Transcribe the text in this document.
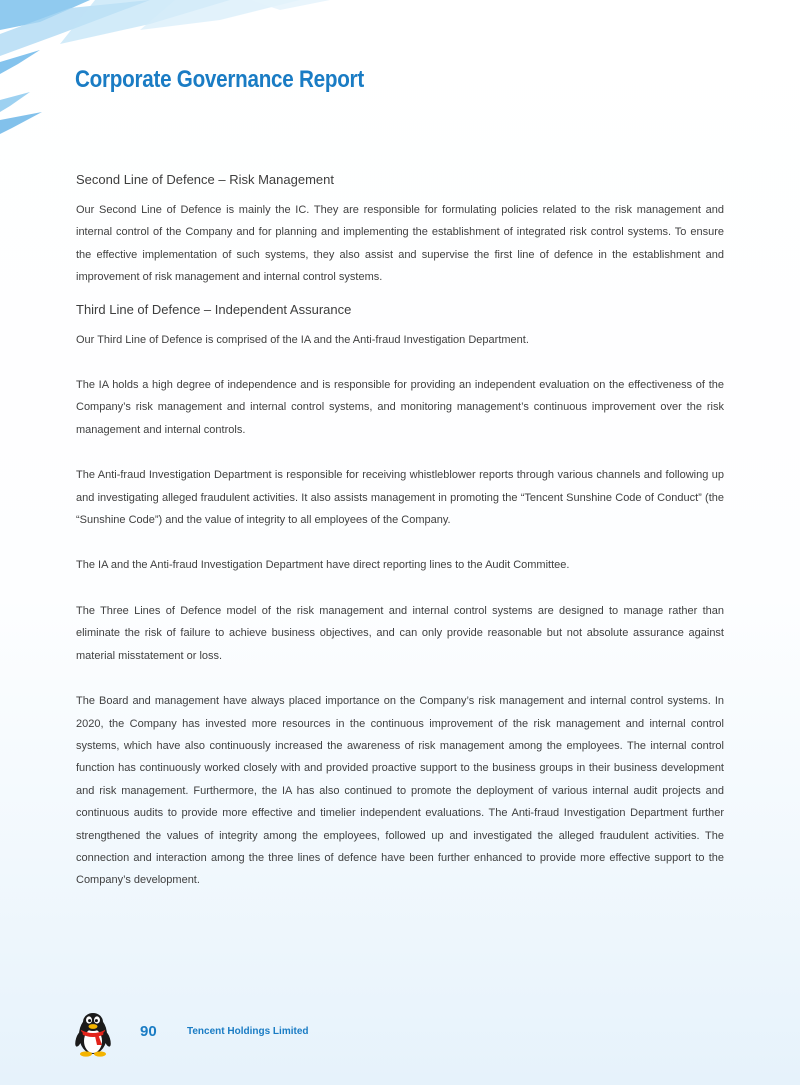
Corporate Governance Report
Second Line of Defence – Risk Management

Our Second Line of Defence is mainly the IC. They are responsible for formulating policies related to the risk management and internal control of the Company and for planning and implementing the establishment of integrated risk control systems. To ensure the effective implementation of such systems, they also assist and supervise the first line of defence in the establishment and improvement of risk management and internal control systems.

Third Line of Defence – Independent Assurance

Our Third Line of Defence is comprised of the IA and the Anti-fraud Investigation Department.

The IA holds a high degree of independence and is responsible for providing an independent evaluation on the effectiveness of the Company’s risk management and internal control systems, and monitoring management’s continuous improvement over the risk management and internal controls.

The Anti-fraud Investigation Department is responsible for receiving whistleblower reports through various channels and following up and investigating alleged fraudulent activities. It also assists management in promoting the “Tencent Sunshine Code of Conduct” (the “Sunshine Code”) and the value of integrity to all employees of the Company.

The IA and the Anti-fraud Investigation Department have direct reporting lines to the Audit Committee.

The Three Lines of Defence model of the risk management and internal control systems are designed to manage rather than eliminate the risk of failure to achieve business objectives, and can only provide reasonable but not absolute assurance against material misstatement or loss.

The Board and management have always placed importance on the Company’s risk management and internal control systems. In 2020, the Company has invested more resources in the continuous improvement of the risk management and internal control systems, which have also continuously increased the awareness of risk management among the employees. The internal control function has continuously worked closely with and provided proactive support to the business groups in their business development and risk management. Furthermore, the IA has also continued to promote the deployment of various internal audit projects and continuous audits to provide more effective and timelier independent evaluations. The Anti-fraud Investigation Department further strengthened the values of integrity among the employees, followed up and investigated the alleged fraudulent activities. The connection and interaction among the three lines of defence have been further enhanced to provide more effective support to the Company’s development.

90	Tencent Holdings Limited
